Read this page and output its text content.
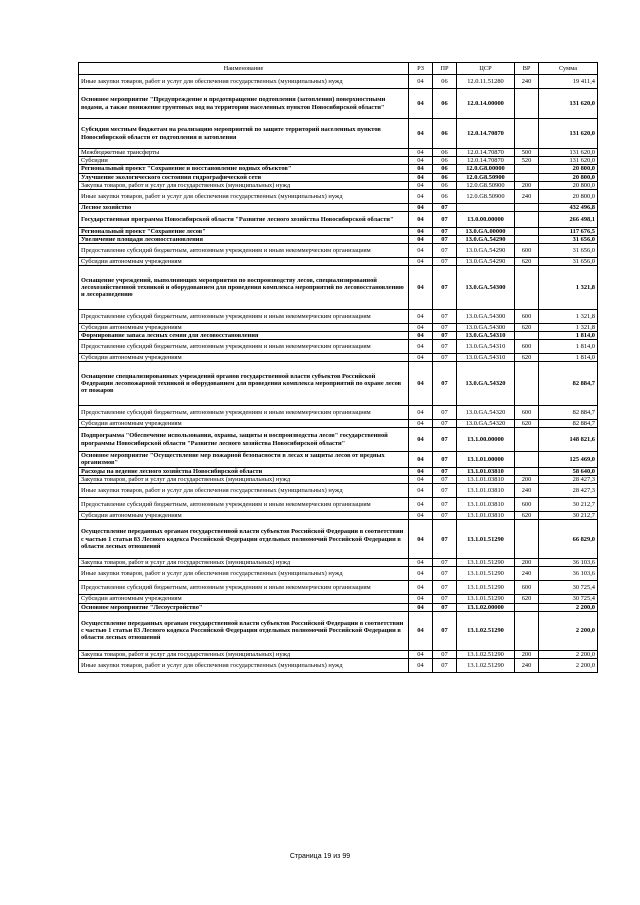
Наименование	РЗ	ПР	ЦСР	ВР	Сумма
Иные закупки товаров, работ и услуг для обеспечения государственных (муниципальных) нужд	04	06	12.0.11.51280	240	19 411,4
Основное мероприятие "Предупреждение и предотвращение подтопления (затопления) поверхностными водами, а также понижение грунтовых вод на территории населенных пунктов Новосибирской области"	04	06	12.0.14.00000		131 620,0
Субсидии местным бюджетам на реализацию мероприятий по защите территорий населенных пунктов Новосибирской области от подтопления и затопления	04	06	12.0.14.70870		131 620,0
Межбюджетные трансферты	04	06	12.0.14.70870	500	131 620,0
Субсидии	04	06	12.0.14.70870	520	131 620,0
Региональный проект "Сохранение и восстановление водных объектов"	04	06	12.0.G8.00000		20 800,0
Улучшение экологического состояния гидрографической сети	04	06	12.0.G8.50900		20 800,0
Закупка товаров, работ и услуг для государственных (муниципальных) нужд	04	06	12.0.G8.50900	200	20 800,0
Иные закупки товаров, работ и услуг для обеспечения государственных (муниципальных) нужд	04	06	12.0.G8.50900	240	20 800,0
Лесное хозяйство	04	07			432 496,8
Государственная программа Новосибирской области "Развитие лесного хозяйства Новосибирской области"	04	07	13.0.00.00000		266 498,1
Региональный проект "Сохранение лесов"	04	07	13.0.GA.00000		117 676,5
Увеличение площади лесовосстановления	04	07	13.0.GA.54290		31 656,0
Предоставление субсидий бюджетным, автономным учреждениям и иным некоммерческим организациям	04	07	13.0.GA.54290	600	31 656,0
Субсидии автономным учреждениям	04	07	13.0.GA.54290	620	31 656,0
Оснащение учреждений, выполняющих мероприятия по воспроизводству лесов, специализированной лесохозяйственной техникой и оборудованием для проведения комплекса мероприятий по лесовосстановлению и лесоразведению	04	07	13.0.GA.54300		1 321,8
Предоставление субсидий бюджетным, автономным учреждениям и иным некоммерческим организациям	04	07	13.0.GA.54300	600	1 321,8
Субсидии автономным учреждениям	04	07	13.0.GA.54300	620	1 321,8
Формирование запаса лесных семян для лесовосстановления	04	07	13.0.GA.54310		1 814,0
Предоставление субсидий бюджетным, автономным учреждениям и иным некоммерческим организациям	04	07	13.0.GA.54310	600	1 814,0
Субсидии автономным учреждениям	04	07	13.0.GA.54310	620	1 814,0
Оснащение специализированных учреждений органов государственной власти субъектов Российской Федерации лесопожарной техникой и оборудованием для проведения комплекса мероприятий по охране лесов от пожаров	04	07	13.0.GA.54320		82 884,7
Предоставление субсидий бюджетным, автономным учреждениям и иным некоммерческим организациям	04	07	13.0.GA.54320	600	82 884,7
Субсидии автономным учреждениям	04	07	13.0.GA.54320	620	82 884,7
Подпрограмма "Обеспечение использования, охраны, защиты и воспроизводства лесов" государственной программы Новосибирской области "Развитие лесного хозяйства Новосибирской области"	04	07	13.1.00.00000		148 821,6
Основное мероприятие "Осуществление мер пожарной безопасности в лесах и защиты лесов от вредных организмов"	04	07	13.1.01.00000		125 469,0
Расходы на ведение лесного хозяйства Новосибирской области	04	07	13.1.01.03810		58 640,0
Закупка товаров, работ и услуг для государственных (муниципальных) нужд	04	07	13.1.01.03810	200	28 427,3
Иные закупки товаров, работ и услуг для обеспечения государственных (муниципальных) нужд	04	07	13.1.01.03810	240	28 427,3
Предоставление субсидий бюджетным, автономным учреждениям и иным некоммерческим организациям	04	07	13.1.01.03810	600	30 212,7
Субсидии автономным учреждениям	04	07	13.1.01.03810	620	30 212,7
Осуществление переданных органам государственной власти субъектов Российской Федерации в соответствии с частью 1 статьи 83 Лесного кодекса Российской Федерации отдельных полномочий Российской Федерации в области лесных отношений	04	07	13.1.01.51290		66 829,0
Закупка товаров, работ и услуг для государственных (муниципальных) нужд	04	07	13.1.01.51290	200	36 103,6
Иные закупки товаров, работ и услуг для обеспечения государственных (муниципальных) нужд	04	07	13.1.01.51290	240	36 103,6
Предоставление субсидий бюджетным, автономным учреждениям и иным некоммерческим организациям	04	07	13.1.01.51290	600	30 725,4
Субсидии автономным учреждениям	04	07	13.1.01.51290	620	30 725,4
Основное мероприятие "Лесоустройство"	04	07	13.1.02.00000		2 200,0
Осуществление переданных органам государственной власти субъектов Российской Федерации в соответствии с частью 1 статьи 83 Лесного кодекса Российской Федерации отдельных полномочий Российской Федерации в области лесных отношений	04	07	13.1.02.51290		2 200,0
Закупка товаров, работ и услуг для государственных (муниципальных) нужд	04	07	13.1.02.51290	200	2 200,0
Иные закупки товаров, работ и услуг для обеспечения государственных (муниципальных) нужд	04	07	13.1.02.51290	240	2 200,0
Страница 19 из 99
